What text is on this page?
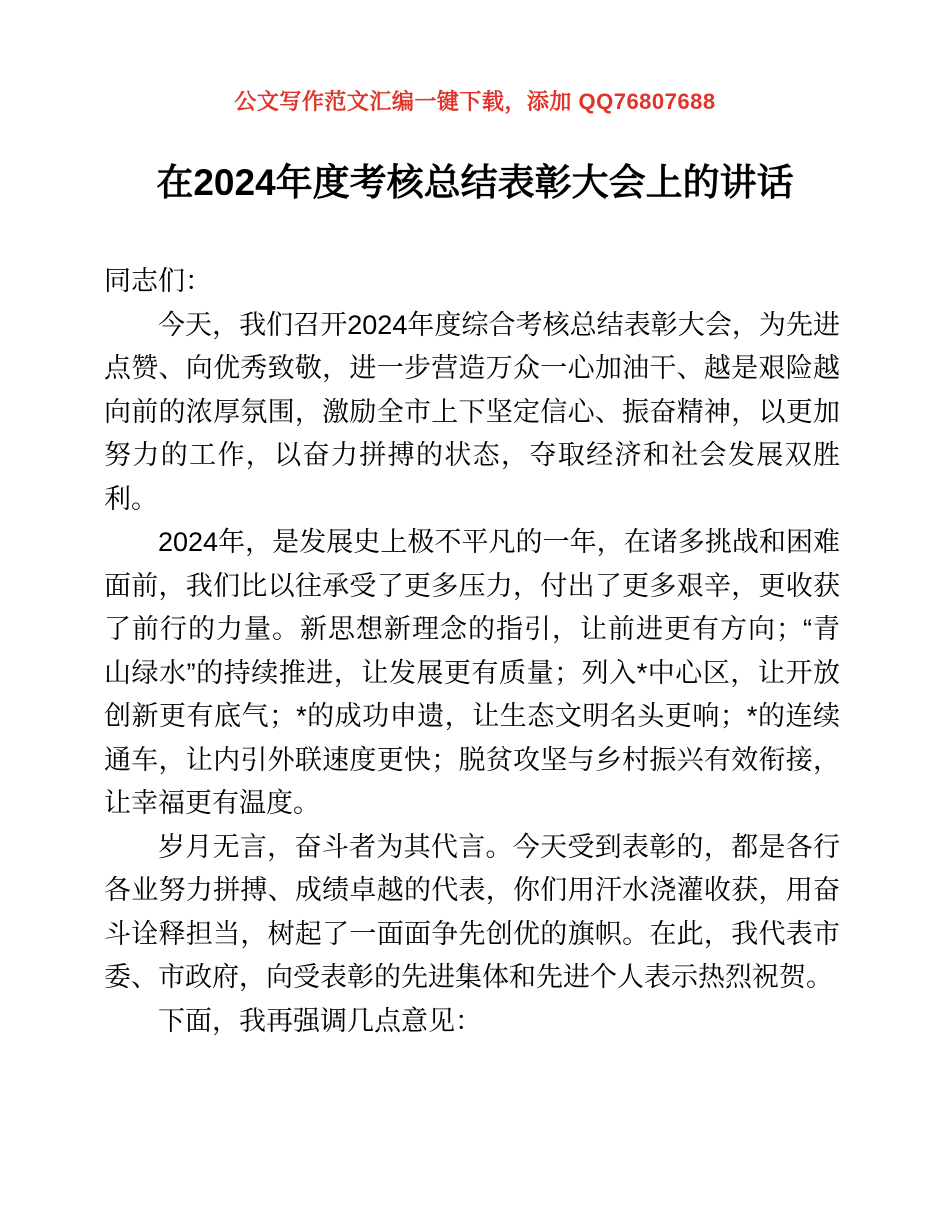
公文写作范文汇编一键下载，添加 QQ76807688
在2024年度考核总结表彰大会上的讲话

同志们：

今天，我们召开2024年度综合考核总结表彰大会，为先进点赞、向优秀致敬，进一步营造万众一心加油干、越是艰险越向前的浓厚氛围，激励全市上下坚定信心、振奋精神，以更加努力的工作，以奋力拼搏的状态，夺取经济和社会发展双胜利。

2024年，是发展史上极不平凡的一年，在诸多挑战和困难面前，我们比以往承受了更多压力，付出了更多艰辛，更收获了前行的力量。新思想新理念的指引，让前进更有方向；“青山绿水”的持续推进，让发展更有质量；列入*中心区，让开放创新更有底气；*的成功申遗，让生态文明名头更响；*的连续通车，让内引外联速度更快；脱贫攻坚与乡村振兴有效衔接，让幸福更有温度。

岁月无言，奋斗者为其代言。今天受到表彰的，都是各行各业努力拼搏、成绩卓越的代表，你们用汗水浇灌收获，用奋斗诠释担当，树起了一面面争先创优的旗帜。在此，我代表市委、市政府，向受表彰的先进集体和先进个人表示热烈祝贺。

下面，我再强调几点意见：
